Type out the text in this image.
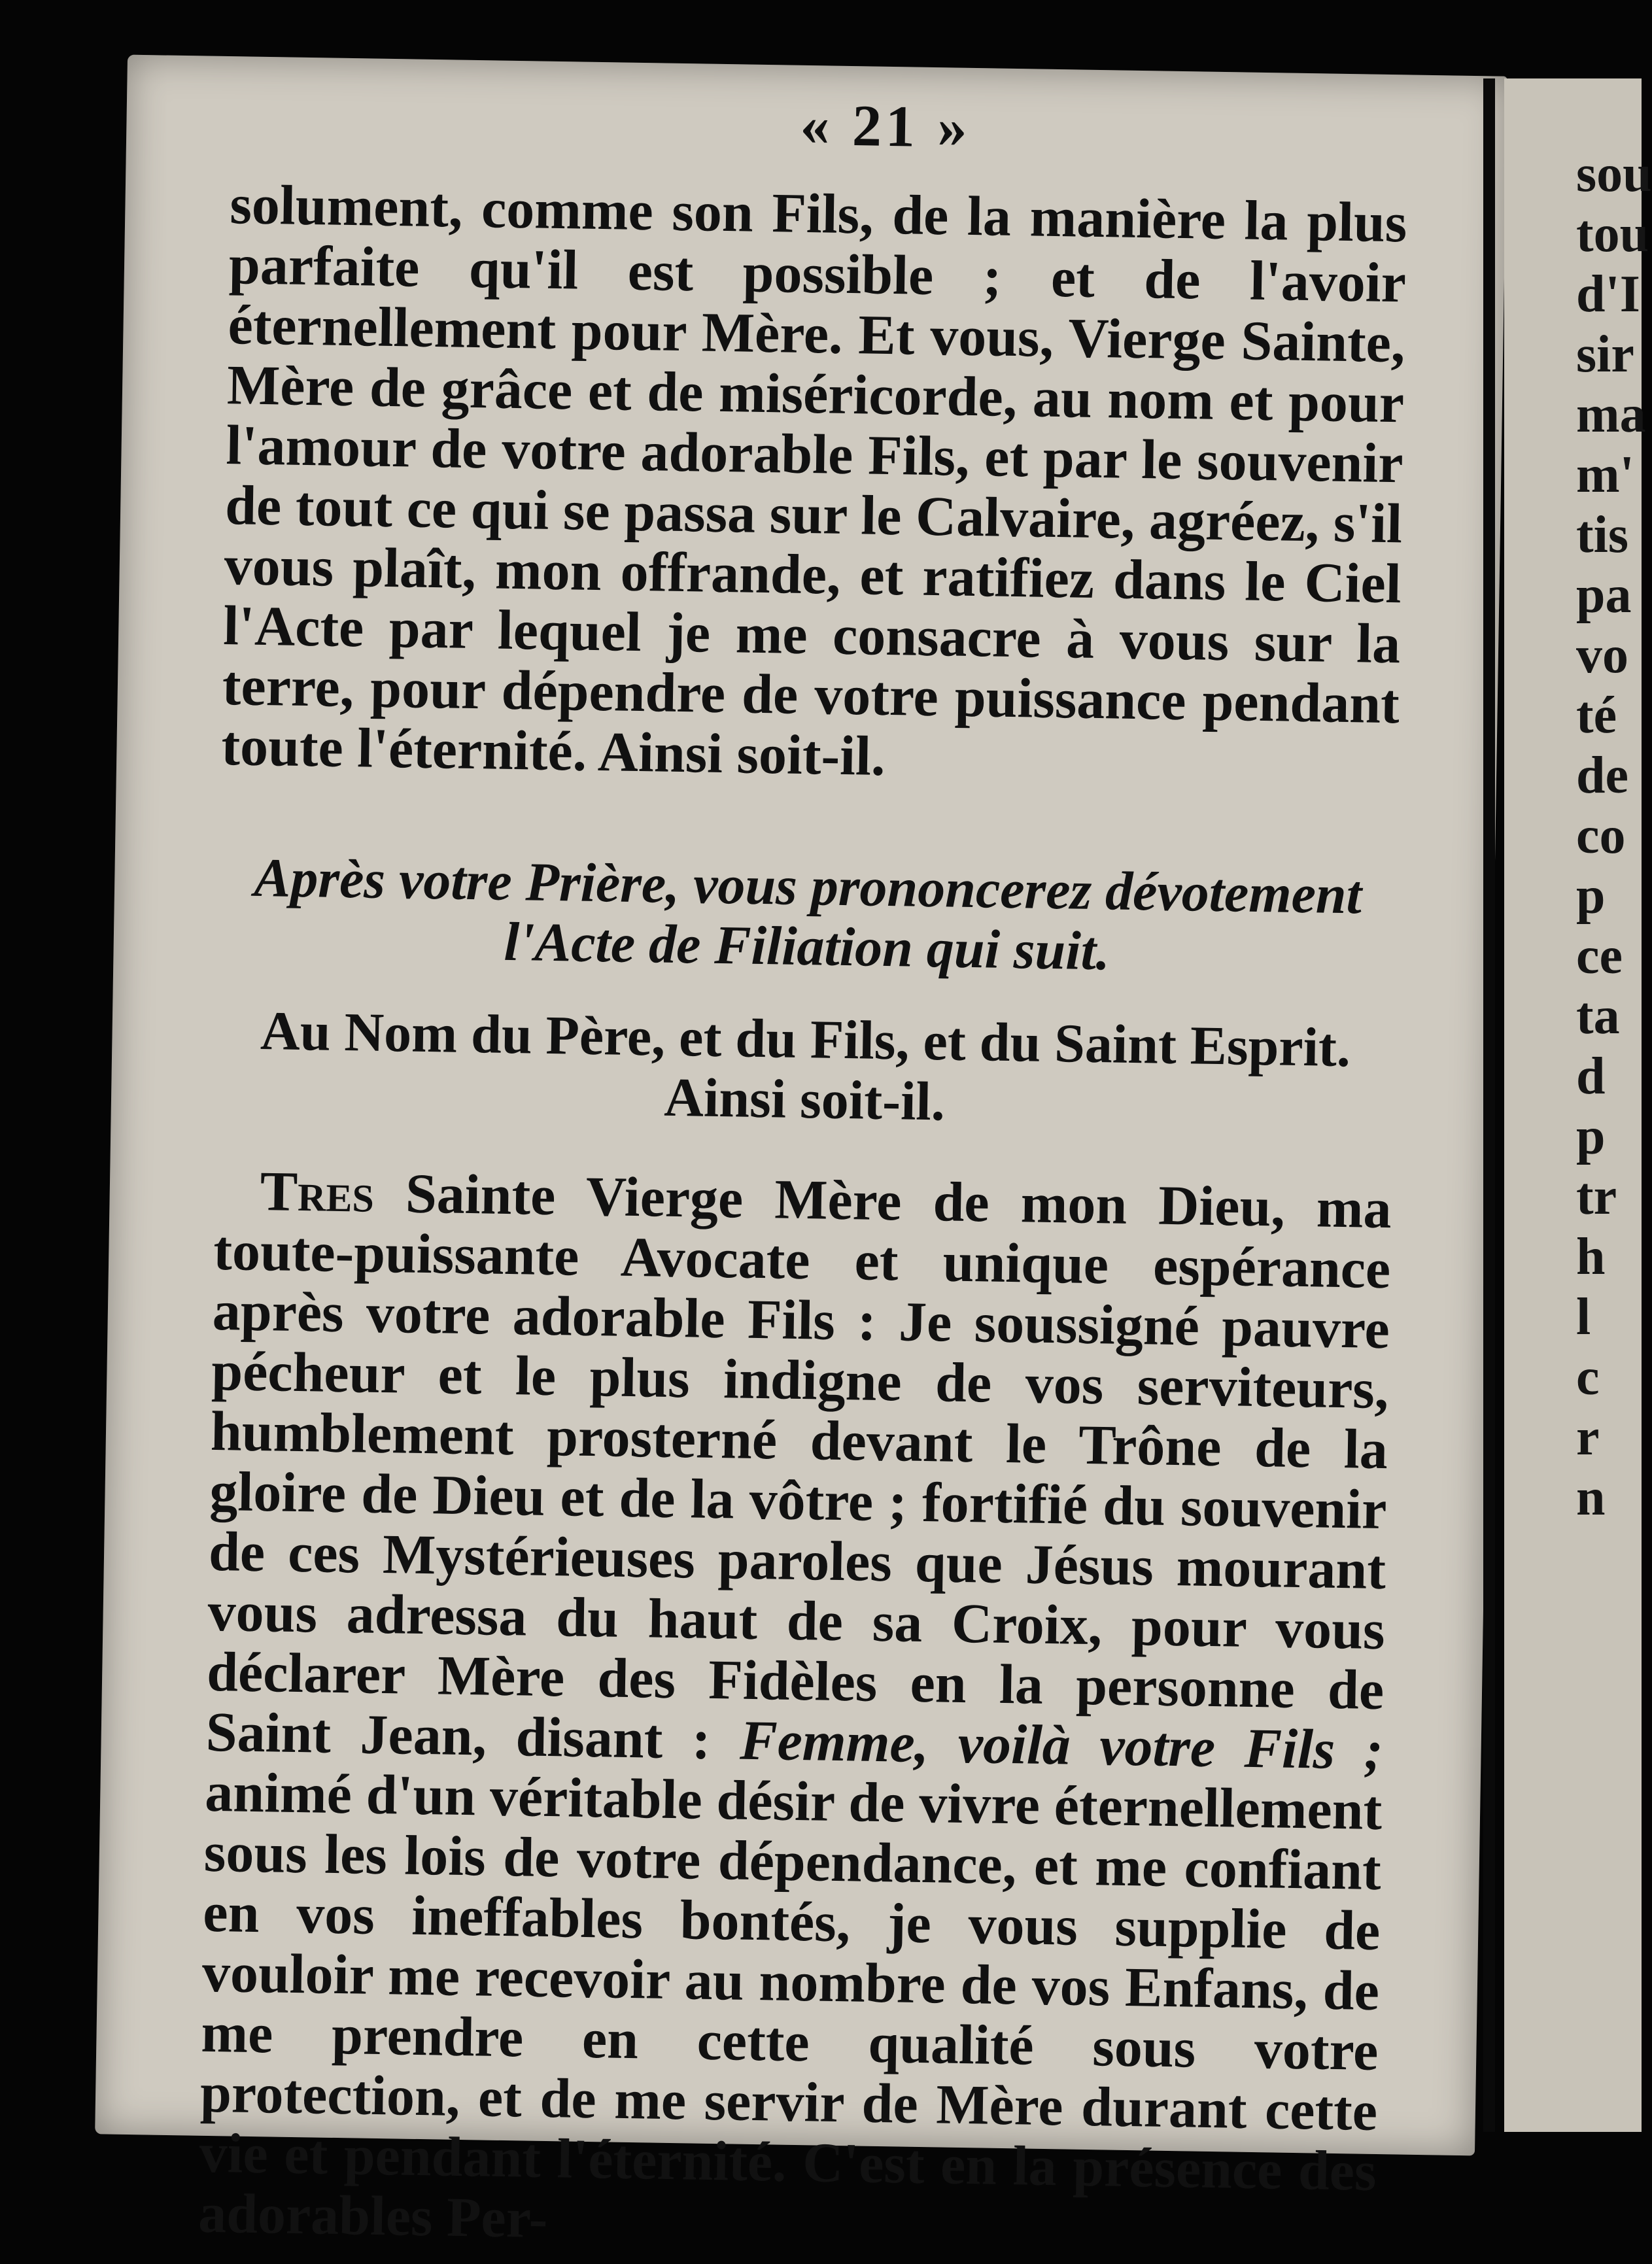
« 21 »

solument, comme son Fils, de la manière la plus parfaite qu'il est possible ; et de l'avoir éternellement pour Mère. Et vous, Vierge Sainte, Mère de grâce et de miséricorde, au nom et pour l'amour de votre adorable Fils, et par le souvenir de tout ce qui se passa sur le Calvaire, agréez, s'il vous plaît, mon offrande, et ratifiez dans le Ciel l'Acte par lequel je me consacre à vous sur la terre, pour dépendre de votre puissance pendant toute l'éternité. Ainsi soit-il.

Après votre Prière, vous prononcerez dévotement l'Acte de Filiation qui suit.

Au Nom du Père, et du Fils, et du Saint Esprit. Ainsi soit-il.

Tres Sainte Vierge Mère de mon Dieu, ma toute-puissante Avocate et unique espérance après votre adorable Fils : Je soussigné pauvre pécheur et le plus indigne de vos serviteurs, humblement prosterné devant le Trône de la gloire de Dieu et de la vôtre ; fortifié du souvenir de ces Mystérieuses paroles que Jésus mourant vous adressa du haut de sa Croix, pour vous déclarer Mère des Fidèles en la personne de Saint Jean, disant : Femme, voilà votre Fils ; animé d'un véritable désir de vivre éternellement sous les lois de votre dépendance, et me confiant en vos ineffables bontés, je vous supplie de vouloir me recevoir au nombre de vos Enfans, de me prendre en cette qualité sous votre protection, et de me servir de Mère durant cette vie et pendant l'éternité. C'est en la présence des adorables Per-

sou
tou
d'I
sir
ma
m'
tis
pa
vo
té
de
co
p
ce
ta
d
p
tr
h
l
c
r
n
